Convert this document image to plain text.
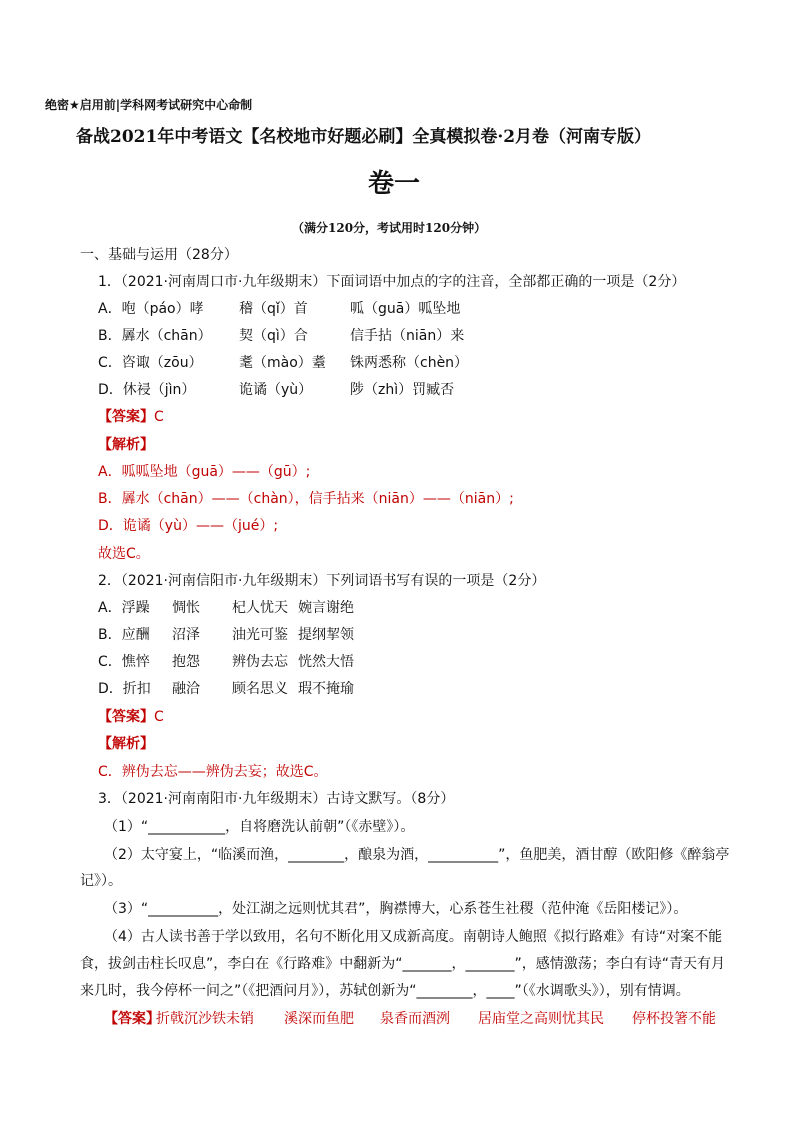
绝密★启用前|学科网考试研究中心命制
备战2021年中考语文【名校地市好题必刷】全真模拟卷·2月卷（河南专版）
卷一
（满分120分，考试用时120分钟）
一、基础与运用（28分）
1．（2021·河南周口市·九年级期末）下面词语中加点的字的注音，全部都正确的一项是（2分）
A．咆（páo）哮	稽（qǐ）首	呱（guā）呱坠地
B．羼水（chān） 契（qì）合	信手拈（niān）来
C．咨诹（zōu）	耄（mào）耋 铢两悉称（chèn）
D．休祲（jìn）	诡谲（yù）	陟（zhì）罚臧否
【答案】C
【解析】
A．呱呱坠地（guā）——（gū）;
B．羼水（chān）——（chàn），信手拈来（niān）——（niān）;
D．诡谲（yù）——（jué）;
故选C。
2．（2021·河南信阳市·九年级期末）下列词语书写有误的一项是（2分）
A．浮躁 惆怅 杞人忧天 婉言谢绝
B．应酬 沼泽 油光可鉴 提纲挈领
C．憔悴 抱怨 辨伪去忘 恍然大悟
D．折扣 融洽 顾名思义 瑕不掩瑜
【答案】C
【解析】
C．辨伪去忘——辨伪去妄；故选C。
3．（2021·河南南阳市·九年级期末）古诗文默写。（8分）
（1）“___________，自将磨洗认前朝”（《赤壁》）。
（2）太守宴上，“临溪而渔，________，酿泉为酒，__________”，鱼肥美，酒甘醇（欧阳修《醉翁亭
记》）。
（3）“__________，处江湖之远则忧其君”，胸襟博大，心系苍生社稷（范仲淹《岳阳楼记》）。
（4）古人读书善于学以致用，名句不断化用又成新高度。南朝诗人鲍照《拟行路难》有诗“对案不能
食，拔剑击柱长叹息”，李白在《行路难》中翻新为“_______，_______”，感情激荡；李白有诗“青天有月
来几时，我今停杯一问之”（《把酒问月》），苏轼创新为“________，____”（《水调歌头》），别有情调。
【答案】
折戟沉沙铁未销 溪深而鱼肥 泉香而酒洌 居庙堂之高则忧其民 停杯投箸不能
